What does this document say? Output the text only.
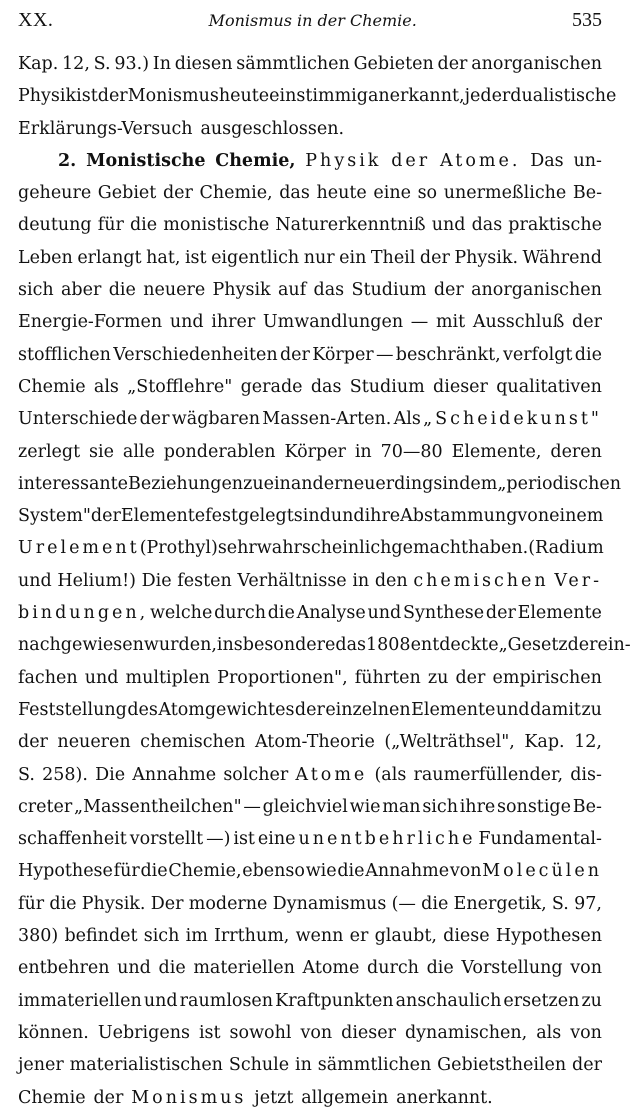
XX.	Monismus in der Chemie.	535
Kap. 12, S. 93.) In diesen sämmtlichen Gebieten der anorganischen
Physik ist der Monismus heute einstimmig anerkannt, jeder dualistische
Erklärungs-Versuch ausgeschlossen.
2. Monistische Chemie, Physik der Atome. Das un-
geheure Gebiet der Chemie, das heute eine so unermeßliche Be-
deutung für die monistische Naturerkenntniß und das praktische
Leben erlangt hat, ist eigentlich nur ein Theil der Physik. Während
sich aber die neuere Physik auf das Studium der anorganischen
Energie-Formen und ihrer Umwandlungen — mit Ausschluß der
stofflichen Verschiedenheiten der Körper — beschränkt, verfolgt die
Chemie als „Stofflehre" gerade das Studium dieser qualitativen
Unterschiede der wägbaren Massen-Arten. Als „Scheidekunst"
zerlegt sie alle ponderablen Körper in 70—80 Elemente, deren
interessante Beziehungen zu einander neuerdings in dem „periodischen
System" der Elemente festgelegt sind und ihre Abstammung von einem
Urelement (Prothyl) sehr wahrscheinlich gemacht haben. (Radium
und Helium!) Die festen Verhältnisse in den chemischen Ver-
bindungen, welche durch die Analyse und Synthese der Elemente
nachgewiesen wurden, insbesondere das 1808 entdeckte „Gesetz der ein-
fachen und multiplen Proportionen", führten zu der empirischen
Feststellung des Atomgewichtes der einzelnen Elemente und damit zu
der neueren chemischen Atom-Theorie („Welträthsel", Kap. 12,
S. 258). Die Annahme solcher Atome (als raumerfüllender, dis-
creter „Massentheilchen" — gleichviel wie man sich ihre sonstige Be-
schaffenheit vorstellt —) ist eine unentbehrliche Fundamental-
Hypothese für die Chemie, ebenso wie die Annahme von Molecülen
für die Physik. Der moderne Dynamismus (— die Energetik, S. 97,
380) befindet sich im Irrthum, wenn er glaubt, diese Hypothesen
entbehren und die materiellen Atome durch die Vorstellung von
immateriellen und raumlosen Kraftpunkten anschaulich ersetzen zu
können. Uebrigens ist sowohl von dieser dynamischen, als von
jener materialistischen Schule in sämmtlichen Gebietstheilen der
Chemie der Monismus jetzt allgemein anerkannt.
